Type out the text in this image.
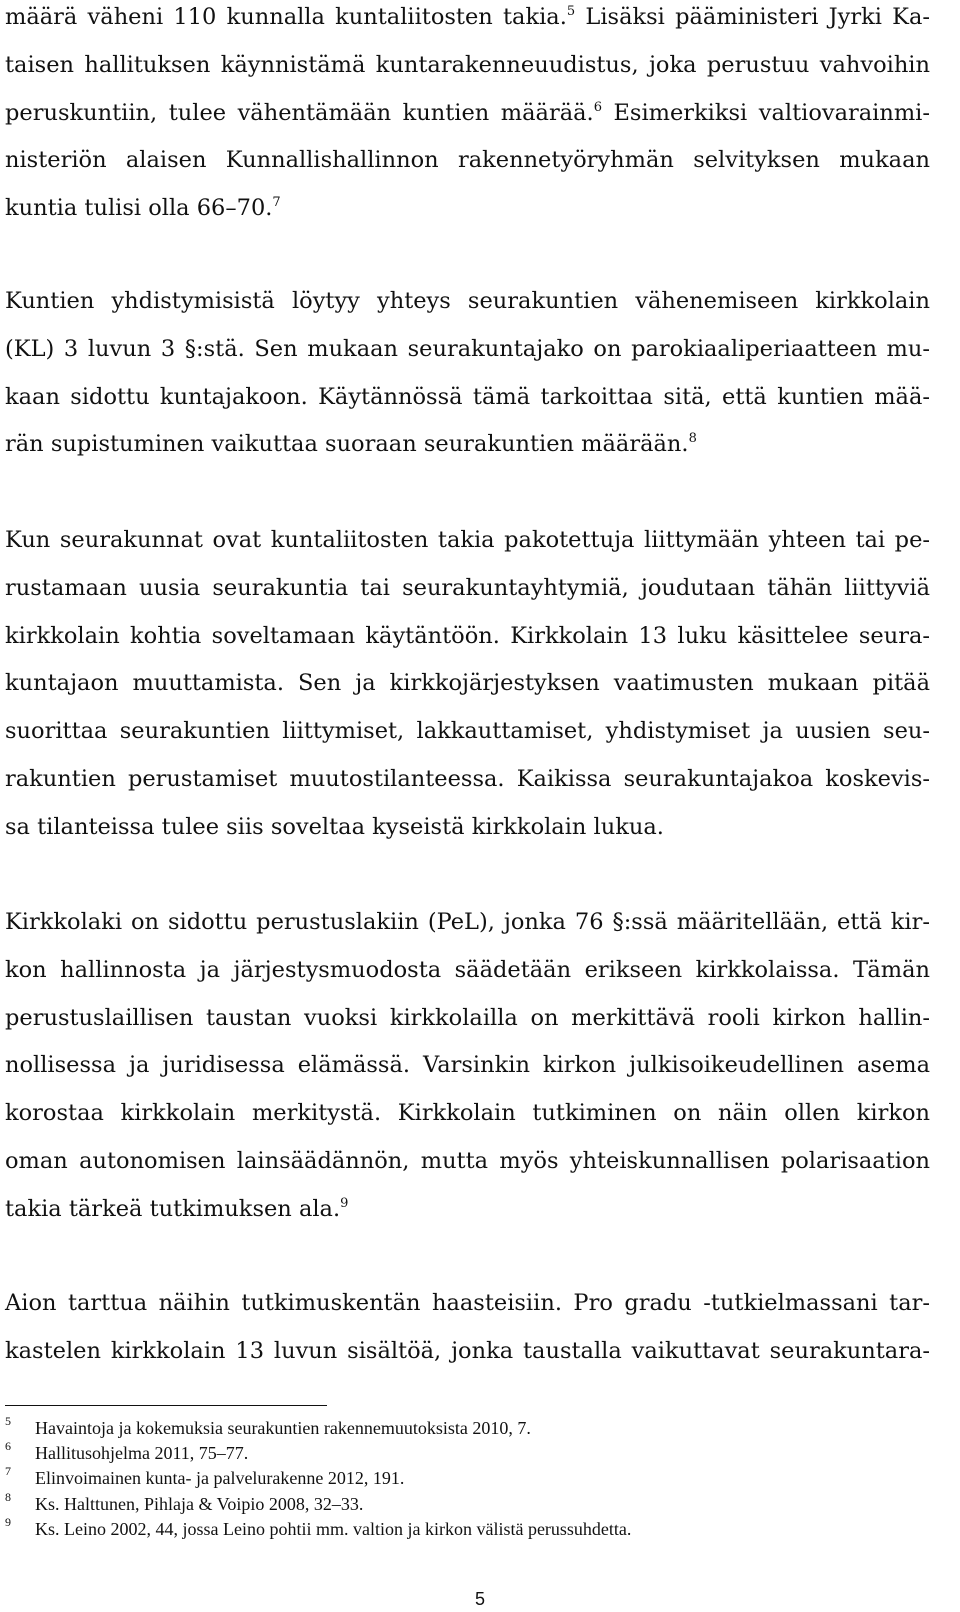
määrä väheni 110 kunnalla kuntaliitosten takia.$^5$ Lisäksi pääministeri Jyrki Ka-
taisen hallituksen käynnistämä kuntarakenneuudistus, joka perustuu vahvoihin
peruskuntiin, tulee vähentämään kuntien määrää.$^6$ Esimerkiksi valtiovarainmi-
nisteriön alaisen Kunnallishallinnon rakennetyöryhmän selvityksen mukaan
kuntia tulisi olla 66–70.$^7$
Kuntien yhdistymisistä löytyy yhteys seurakuntien vähenemiseen kirkkolain
(KL) 3 luvun 3 §:stä. Sen mukaan seurakuntajako on parokiaaliperiaatteen mu-
kaan sidottu kuntajakoon. Käytännössä tämä tarkoittaa sitä, että kuntien mää-
rän supistuminen vaikuttaa suoraan seurakuntien määrään.$^8$
Kun seurakunnat ovat kuntaliitosten takia pakotettuja liittymään yhteen tai pe-
rustamaan uusia seurakuntia tai seurakuntayhtymiä, joudutaan tähän liittyviä
kirkkolain kohtia soveltamaan käytäntöön. Kirkkolain 13 luku käsittelee seura-
kuntajaon muuttamista. Sen ja kirkkojärjestyksen vaatimusten mukaan pitää
suorittaa seurakuntien liittymiset, lakkauttamiset, yhdistymiset ja uusien seu-
rakuntien perustamiset muutostilanteessa. Kaikissa seurakuntajakoa koskevis-
sa tilanteissa tulee siis soveltaa kyseistä kirkkolain lukua.
Kirkkolaki on sidottu perustuslakiin (PeL), jonka 76 §:ssä määritellään, että kir-
kon hallinnosta ja järjestysmuodosta säädetään erikseen kirkkolaissa. Tämän
perustuslaillisen taustan vuoksi kirkkolailla on merkittävä rooli kirkon hallin-
nollisessa ja juridisessa elämässä. Varsinkin kirkon julkisoikeudellinen asema
korostaa kirkkolain merkitystä. Kirkkolain tutkiminen on näin ollen kirkon
oman autonomisen lainsäädännön, mutta myös yhteiskunnallisen polarisaation
takia tärkeä tutkimuksen ala.$^9$
Aion tarttua näihin tutkimuskentän haasteisiin. Pro gradu -tutkielmassani tar-
kastelen kirkkolain 13 luvun sisältöä, jonka taustalla vaikuttavat seurakuntara-
5 Havaintoja ja kokemuksia seurakuntien rakennemuutoksista 2010, 7.
6 Hallitusohjelma 2011, 75–77.
7 Elinvoimainen kunta- ja palvelurakenne 2012, 191.
8 Ks. Halttunen, Pihlaja & Voipio 2008, 32–33.
9 Ks. Leino 2002, 44, jossa Leino pohtii mm. valtion ja kirkon välistä perussuhdetta.
5
